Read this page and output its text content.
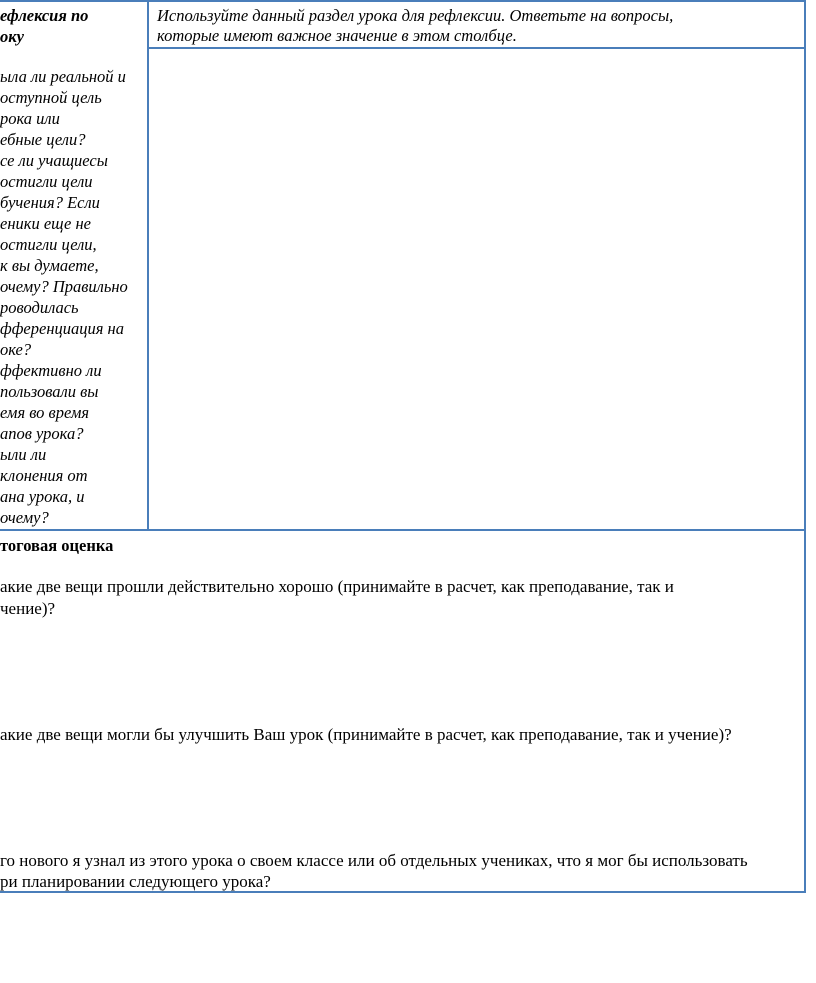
ефлексия по

оку

Используйте данный раздел урока для рефлексии. Ответьте на вопросы,

которые имеют важное значение в этом столбце.

ыла ли реальной и

оступной цель

рока или

ебные цели?

се ли учащиесы

остигли цели

бучения? Если

еники еще не

остигли цели,

к вы думаете,

очему? Правильно

роводилась

фференциация на

оке?

ффективно ли

пользовали вы

емя во время

апов урока?

ыли ли

клонения от

ана урока, и

очему?

тоговая оценка

акие две вещи прошли действительно хорошо (принимайте в расчет, как преподавание, так и

чение)?

акие две вещи могли бы улучшить Ваш урок (принимайте в расчет, как преподавание, так и учение)?

го нового я узнал из этого урока о своем классе или об отдельных учениках, что я мог бы использовать

ри планировании следующего урока?
